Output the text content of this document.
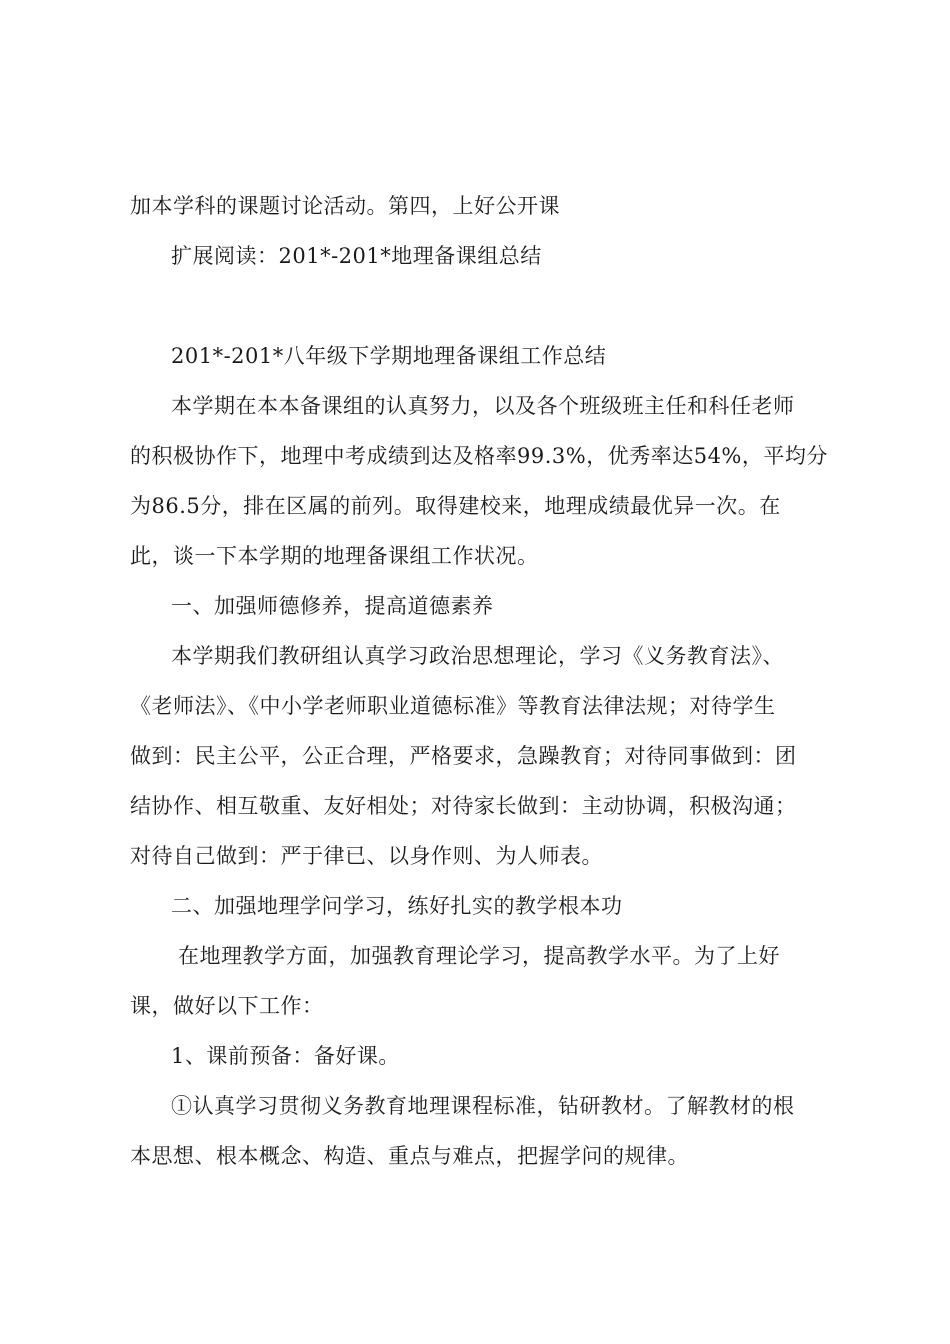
加本学科的课题讨论活动。第四，上好公开课
扩展阅读：201*-201*地理备课组总结
201*-201*八年级下学期地理备课组工作总结
本学期在本本备课组的认真努力，以及各个班级班主任和科任老师
的积极协作下，地理中考成绩到达及格率99.3%，优秀率达54%，平均分
为86.5分，排在区属的前列。取得建校来，地理成绩最优异一次。在
此，谈一下本学期的地理备课组工作状况。
一、加强师德修养，提高道德素养
本学期我们教研组认真学习政治思想理论，学习《义务教育法》、
《老师法》、《中小学老师职业道德标准》等教育法律法规；对待学生
做到：民主公平，公正合理，严格要求，急躁教育；对待同事做到：团
结协作、相互敬重、友好相处；对待家长做到：主动协调，积极沟通；
对待自己做到：严于律已、以身作则、为人师表。
二、加强地理学问学习，练好扎实的教学根本功
在地理教学方面，加强教育理论学习，提高教学水平。为了上好
课，做好以下工作：
1、课前预备：备好课。
①认真学习贯彻义务教育地理课程标准，钻研教材。了解教材的根
本思想、根本概念、构造、重点与难点，把握学问的规律。
